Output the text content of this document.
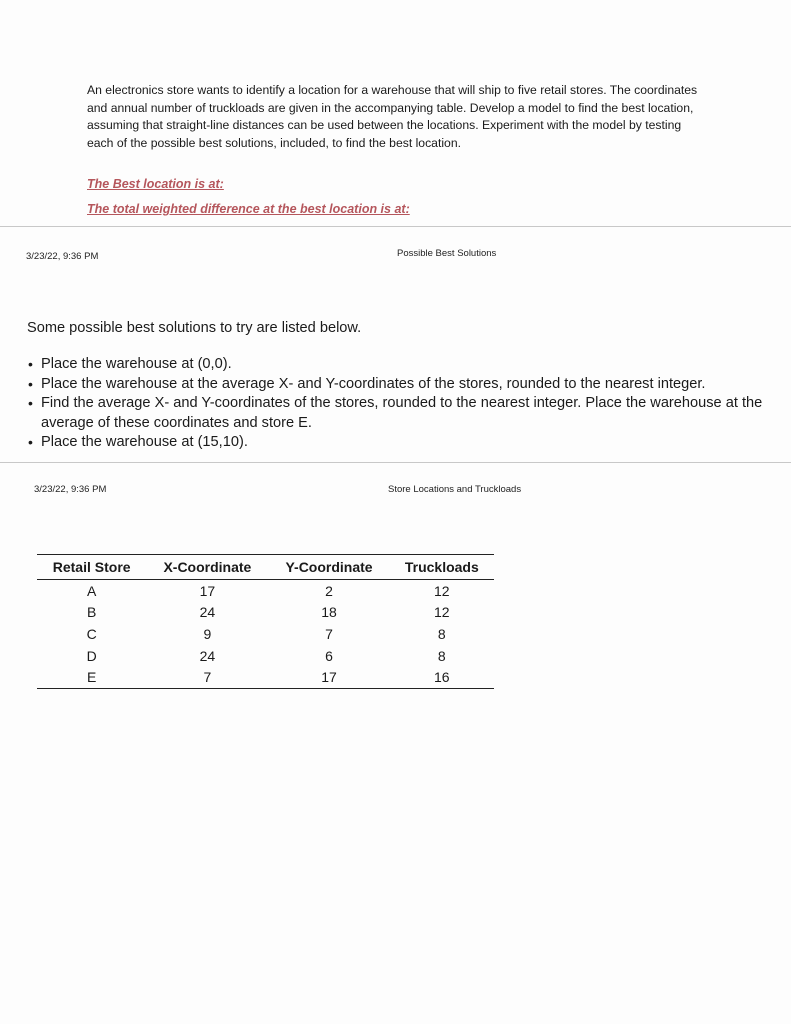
An electronics store wants to identify a location for a warehouse that will ship to five retail stores. The coordinates and annual number of truckloads are given in the accompanying table. Develop a model to find the best location, assuming that straight-line distances can be used between the locations. Experiment with the model by testing each of the possible best solutions, included, to find the best location.
The Best location is at:
The total weighted difference at the best location is at:
3/23/22, 9:36 PM	Possible Best Solutions
Some possible best solutions to try are listed below.
• Place the warehouse at (0,0).
• Place the warehouse at the average X- and Y-coordinates of the stores, rounded to the nearest integer.
• Find the average X- and Y-coordinates of the stores, rounded to the nearest integer. Place the warehouse at the average of these coordinates and store E.
• Place the warehouse at (15,10).
3/23/22, 9:36 PM	Store Locations and Truckloads
Retail Store	X-Coordinate	Y-Coordinate	Truckloads
A	17	2	12
B	24	18	12
C	9	7	8
D	24	6	8
E	7	17	16
